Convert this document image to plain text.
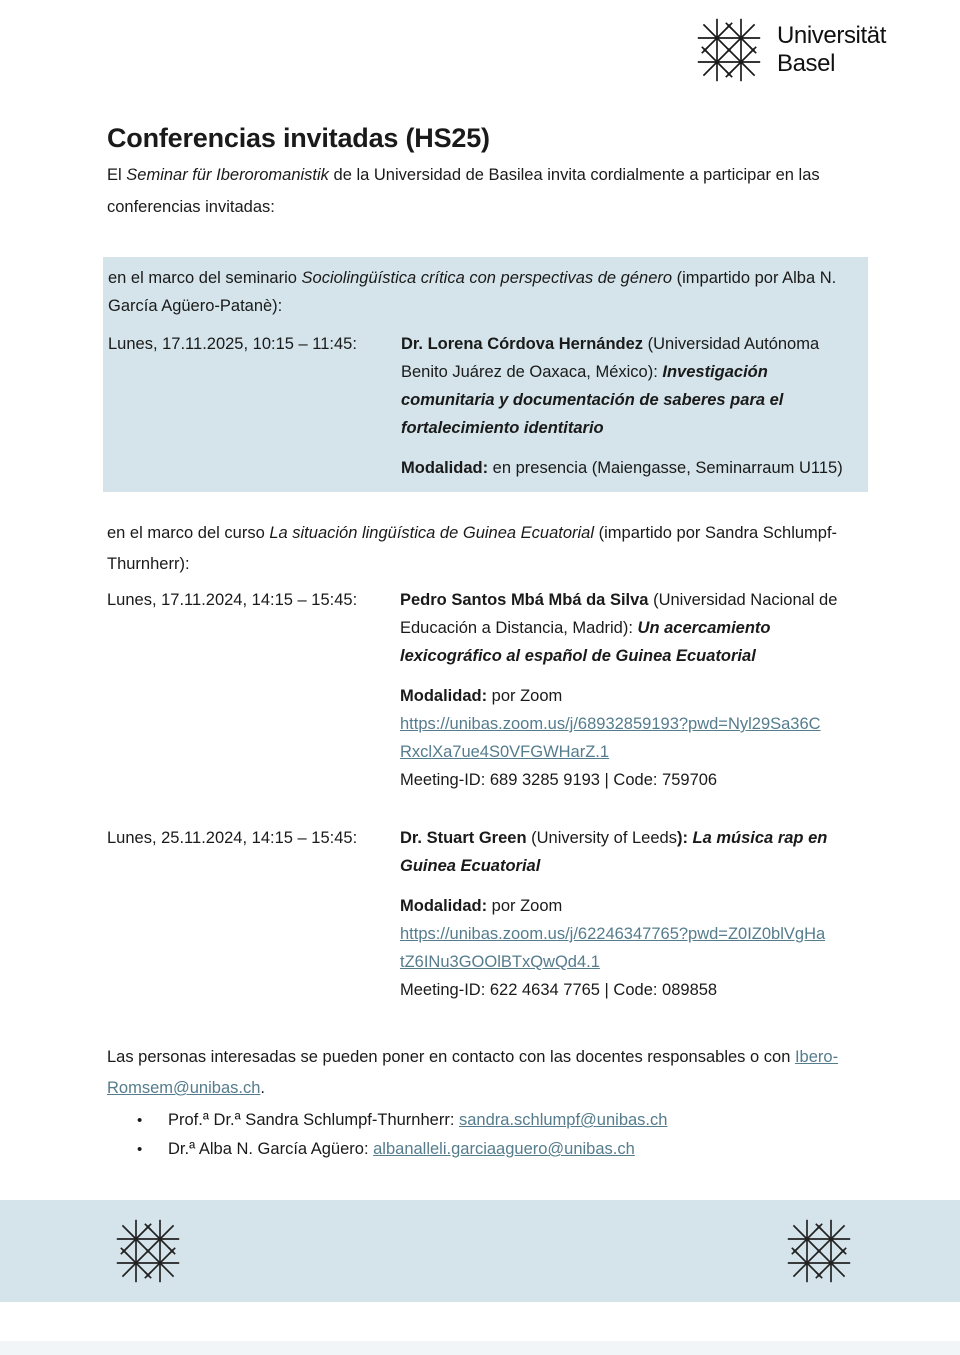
Universität
Basel
Conferencias invitadas (HS25)

El Seminar für Iberoromanistik de la Universidad de Basilea invita cordialmente a participar en las conferencias invitadas:

en el marco del seminario Sociolingüística crítica con perspectivas de género (impartido por Alba N. García Agüero-Patanè):

Lunes, 17.11.2025, 10:15 – 11:45:	Dr. Lorena Córdova Hernández (Universidad Autónoma Benito Juárez de Oaxaca, México): Investigación comunitaria y documentación de saberes para el fortalecimiento identitario

Modalidad: en presencia (Maiengasse, Seminarraum U115)

en el marco del curso La situación lingüística de Guinea Ecuatorial (impartido por Sandra Schlumpf-Thurnherr):

Lunes, 17.11.2024, 14:15 – 15:45:	Pedro Santos Mbá Mbá da Silva (Universidad Nacional de Educación a Distancia, Madrid): Un acercamiento lexicográfico al español de Guinea Ecuatorial

Modalidad: por Zoom

https://unibas.zoom.us/j/68932859193?pwd=Nyl29Sa36CRxclXa7ue4S0VFGWHarZ.1

Meeting-ID: 689 3285 9193 | Code: 759706

Lunes, 25.11.2024, 14:15 – 15:45:	Dr. Stuart Green (University of Leeds): La música rap en Guinea Ecuatorial

Modalidad: por Zoom

https://unibas.zoom.us/j/62246347765?pwd=Z0IZ0blVgHatZ6INu3GOOlBTxQwQd4.1

Meeting-ID: 622 4634 7765 | Code: 089858

Las personas interesadas se pueden poner en contacto con las docentes responsables o con Ibero-Romsem@unibas.ch.

•	Prof.ª Dr.ª Sandra Schlumpf-Thurnherr: sandra.schlumpf@unibas.ch

•	Dr.ª Alba N. García Agüero: albanalleli.garciaaguero@unibas.ch
